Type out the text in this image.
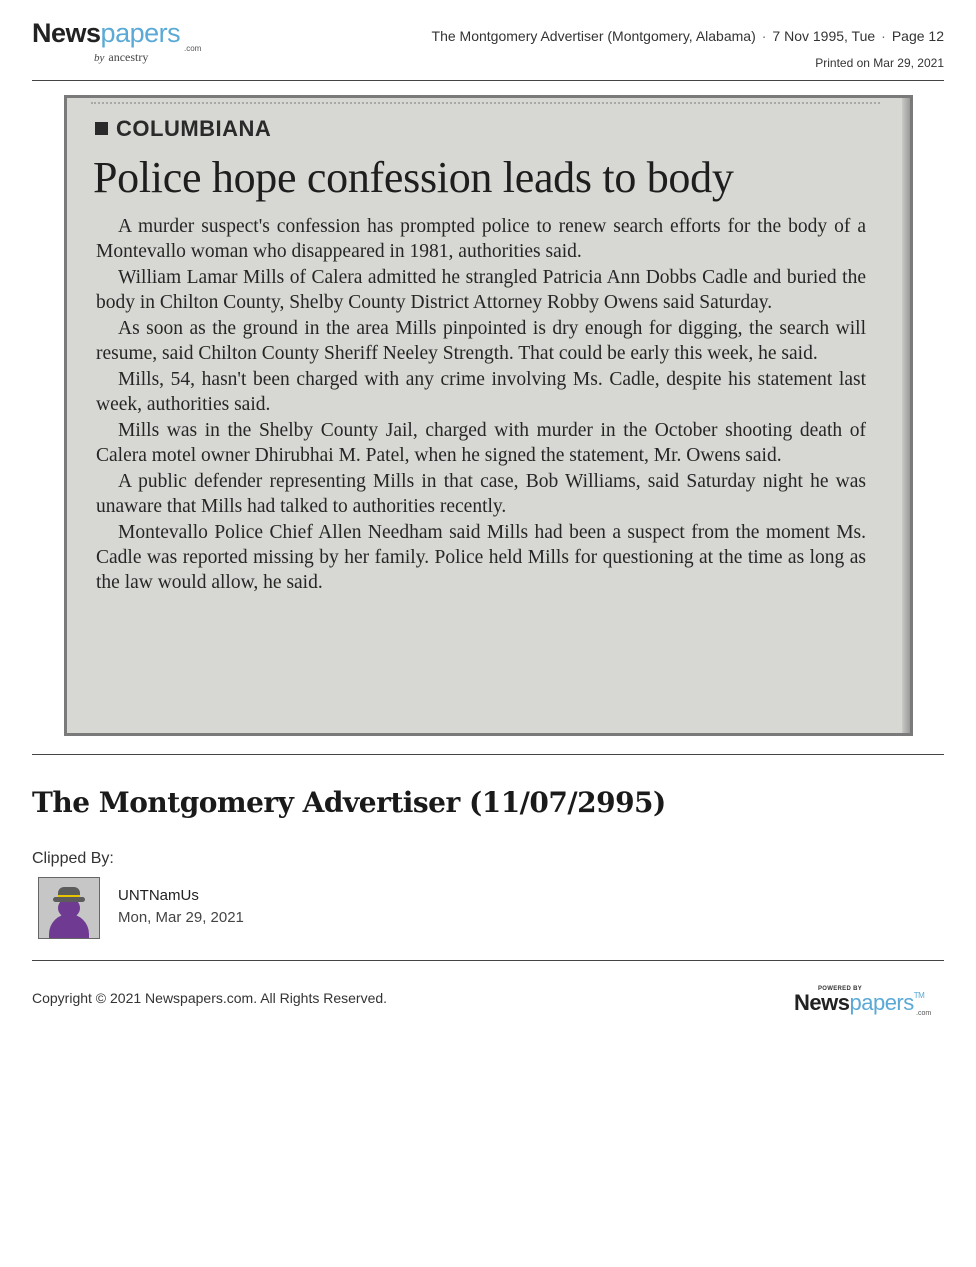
Newspapers
.com
by ancestry
The Montgomery Advertiser (Montgomery, Alabama) · 7 Nov 1995, Tue · Page 12
Printed on Mar 29, 2021
COLUMBIANA
Police hope confession leads to body

A murder suspect's confession has prompted police to renew search efforts for the body of a Montevallo woman who disappeared in 1981, authorities said.

William Lamar Mills of Calera admitted he strangled Patricia Ann Dobbs Cadle and buried the body in Chilton County, Shelby County District Attorney Robby Owens said Saturday.

As soon as the ground in the area Mills pinpointed is dry enough for digging, the search will resume, said Chilton County Sheriff Neeley Strength. That could be early this week, he said.

Mills, 54, hasn't been charged with any crime involving Ms. Cadle, despite his statement last week, authorities said.

Mills was in the Shelby County Jail, charged with murder in the October shooting death of Calera motel owner Dhirubhai M. Patel, when he signed the statement, Mr. Owens said.

A public defender representing Mills in that case, Bob Williams, said Saturday night he was unaware that Mills had talked to authorities recently.

Montevallo Police Chief Allen Needham said Mills had been a suspect from the moment Ms. Cadle was reported missing by her family. Police held Mills for questioning at the time as long as the law would allow, he said.

The Montgomery Advertiser (11/07/2995)
Clipped By:
UNTNamUs
Mon, Mar 29, 2021
Copyright © 2021 Newspapers.com. All Rights Reserved.
POWERED BY
Newspapers™
.com
